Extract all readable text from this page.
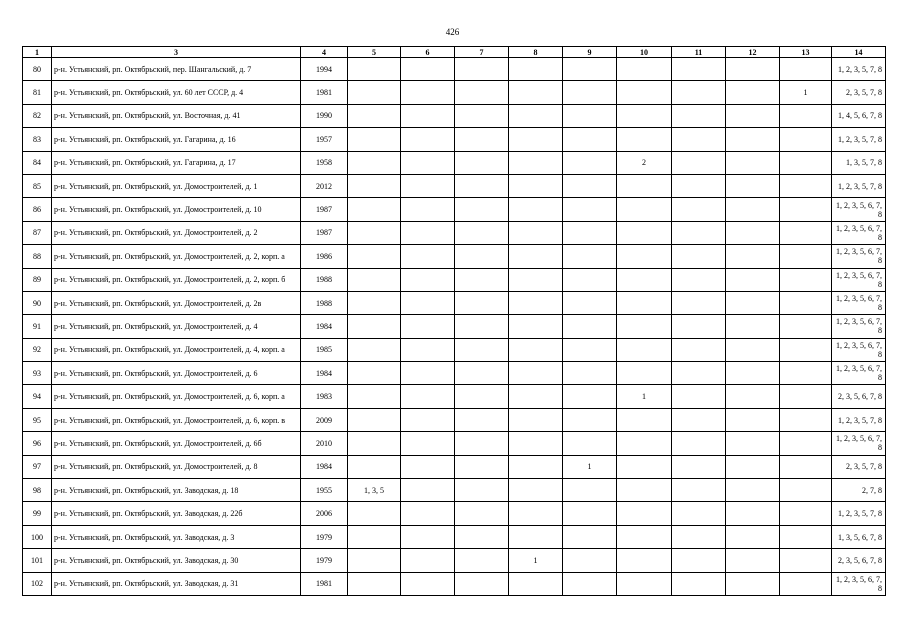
426
1	3	4	5	6	7	8	9	10	11	12	13	14
80	р-н. Устьянский, рп. Октябрьский, пер. Шангальский, д. 7	1994										1, 2, 3, 5, 7, 8
81	р-н. Устьянский, рп. Октябрьский, ул. 60 лет СССР, д. 4	1981									1	2, 3, 5, 7, 8
82	р-н. Устьянский, рп. Октябрьский, ул. Восточная, д. 41	1990										1, 4, 5, 6, 7, 8
83	р-н. Устьянский, рп. Октябрьский, ул. Гагарина, д. 16	1957										1, 2, 3, 5, 7, 8
84	р-н. Устьянский, рп. Октябрьский, ул. Гагарина, д. 17	1958						2				1, 3, 5, 7, 8
85	р-н. Устьянский, рп. Октябрьский, ул. Домостроителей, д. 1	2012										1, 2, 3, 5, 7, 8
86	р-н. Устьянский, рп. Октябрьский, ул. Домостроителей, д. 10	1987										1, 2, 3, 5, 6, 7, 8
87	р-н. Устьянский, рп. Октябрьский, ул. Домостроителей, д. 2	1987										1, 2, 3, 5, 6, 7, 8
88	р-н. Устьянский, рп. Октябрьский, ул. Домостроителей, д. 2, корп. а	1986										1, 2, 3, 5, 6, 7, 8
89	р-н. Устьянский, рп. Октябрьский, ул. Домостроителей, д. 2, корп. б	1988										1, 2, 3, 5, 6, 7, 8
90	р-н. Устьянский, рп. Октябрьский, ул. Домостроителей, д. 2в	1988										1, 2, 3, 5, 6, 7, 8
91	р-н. Устьянский, рп. Октябрьский, ул. Домостроителей, д. 4	1984										1, 2, 3, 5, 6, 7, 8
92	р-н. Устьянский, рп. Октябрьский, ул. Домостроителей, д. 4, корп. а	1985										1, 2, 3, 5, 6, 7, 8
93	р-н. Устьянский, рп. Октябрьский, ул. Домостроителей, д. 6	1984										1, 2, 3, 5, 6, 7, 8
94	р-н. Устьянский, рп. Октябрьский, ул. Домостроителей, д. 6, корп. а	1983						1				2, 3, 5, 6, 7, 8
95	р-н. Устьянский, рп. Октябрьский, ул. Домостроителей, д. 6, корп. в	2009										1, 2, 3, 5, 7, 8
96	р-н. Устьянский, рп. Октябрьский, ул. Домостроителей, д. 6б	2010										1, 2, 3, 5, 6, 7, 8
97	р-н. Устьянский, рп. Октябрьский, ул. Домостроителей, д. 8	1984					1					2, 3, 5, 7, 8
98	р-н. Устьянский, рп. Октябрьский, ул. Заводская, д. 18	1955	1, 3, 5									2, 7, 8
99	р-н. Устьянский, рп. Октябрьский, ул. Заводская, д. 22б	2006										1, 2, 3, 5, 7, 8
100	р-н. Устьянский, рп. Октябрьский, ул. Заводская, д. 3	1979										1, 3, 5, 6, 7, 8
101	р-н. Устьянский, рп. Октябрьский, ул. Заводская, д. 30	1979				1						2, 3, 5, 6, 7, 8
102	р-н. Устьянский, рп. Октябрьский, ул. Заводская, д. 31	1981										1, 2, 3, 5, 6, 7, 8
